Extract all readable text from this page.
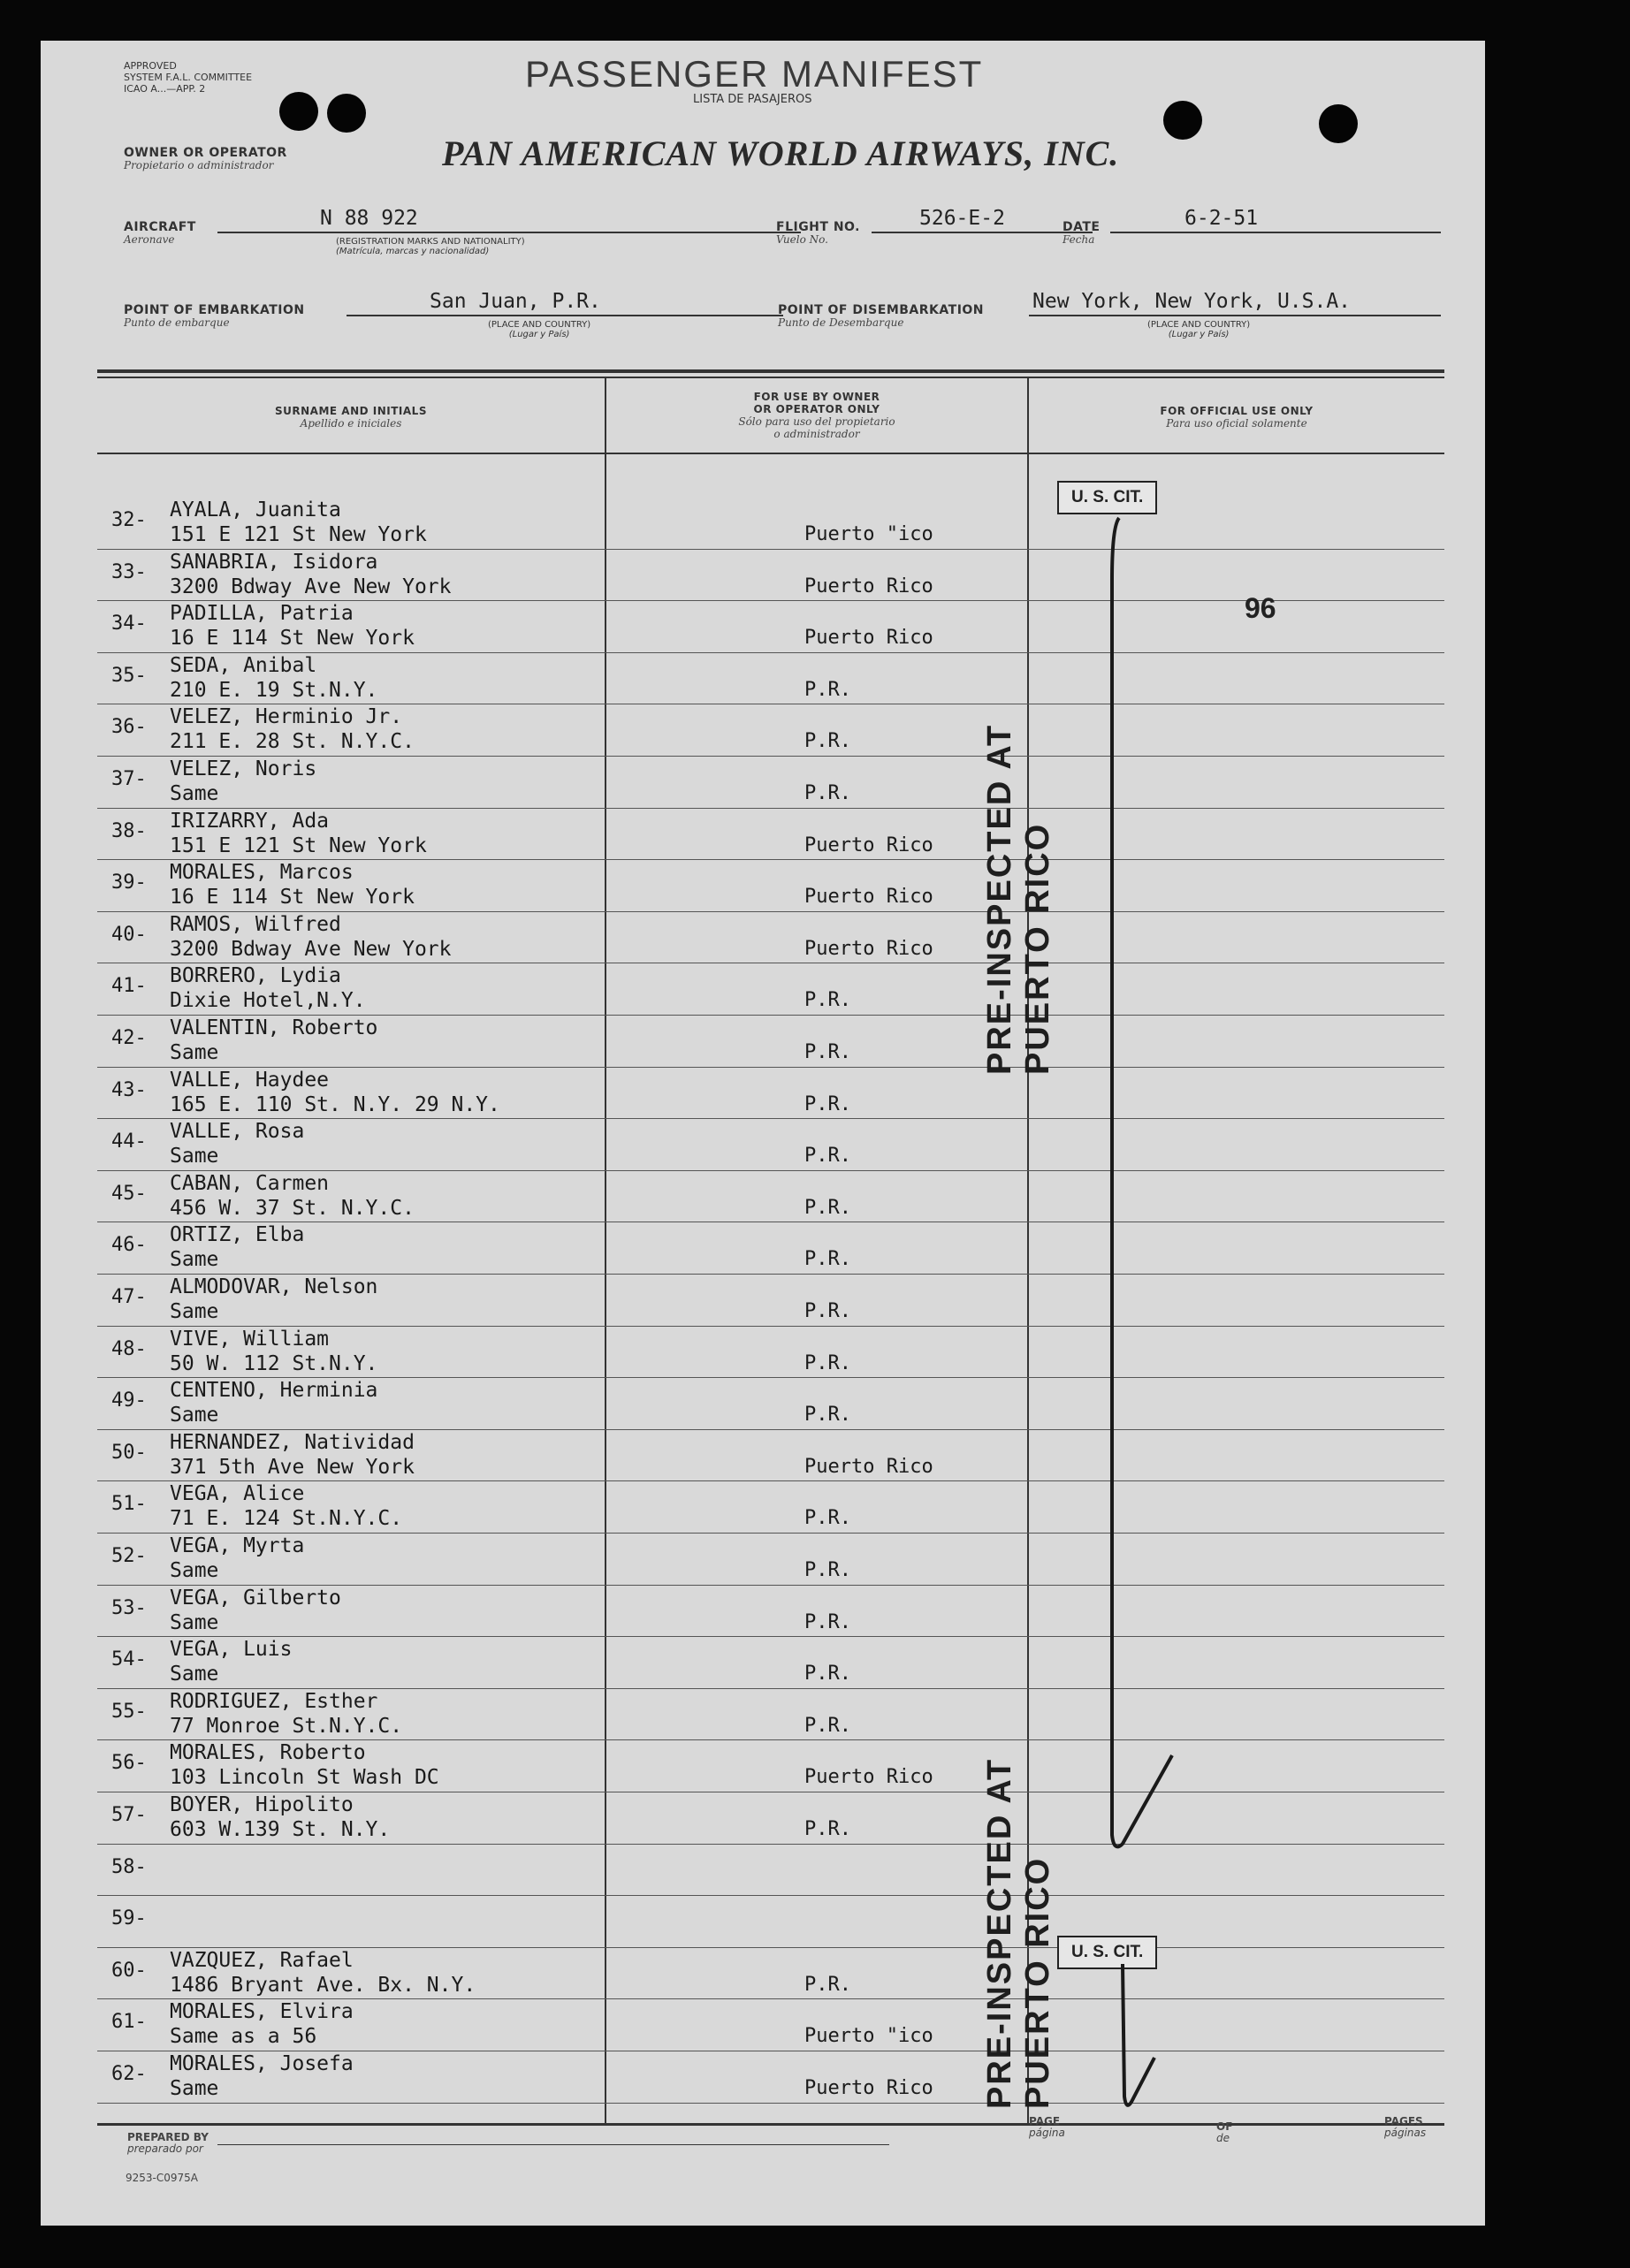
APPROVED
SYSTEM F.A.L. COMMITTEE
ICAO A...—APP. 2	PASSENGER MANIFEST
LISTA DE PASAJEROS
OWNER OR OPERATOR
Propietario o administrador	PAN AMERICAN WORLD AIRWAYS, INC.
AIRCRAFT
Aeronave
N 88 922
(REGISTRATION MARKS AND NATIONALITY)
(Matrícula, marcas y nacionalidad)
FLIGHT NO.
Vuelo No.
526-E-2	DATE
Fecha
6-2-51
POINT OF EMBARKATION
Punto de embarque
San Juan, P.R.
(PLACE AND COUNTRY)
(Lugar y País)
POINT OF DISEMBARKATION
Punto de Desembarque
New York, New York, U.S.A.
(PLACE AND COUNTRY)
(Lugar y País)
SURNAME AND INITIALS
Apellido e iniciales
FOR USE BY OWNER
OR OPERATOR ONLY
Sólo para uso del propietario
o administrador
FOR OFFICIAL USE ONLY
Para uso oficial solamente
32-	AYALA, Juanita
151 E 121 St New York	Puerto "ico
33-	SANABRIA, Isidora
3200 Bdway Ave New York	Puerto Rico
34-	PADILLA, Patria
16 E 114 St New York	Puerto Rico
35-	SEDA, Anibal
210 E. 19 St.N.Y.	P.R.
36-	VELEZ, Herminio Jr.
211 E. 28 St. N.Y.C.	P.R.
37-	VELEZ, Noris
Same	P.R.
38-	IRIZARRY, Ada
151 E 121 St New York	Puerto Rico
39-	MORALES, Marcos
16 E 114 St New York	Puerto Rico
40-	RAMOS, Wilfred
3200 Bdway Ave New York	Puerto Rico
41-	BORRERO, Lydia
Dixie Hotel,N.Y.	P.R.
42-	VALENTIN, Roberto
Same	P.R.
43-	VALLE, Haydee
165 E. 110 St. N.Y. 29 N.Y.	P.R.
44-	VALLE, Rosa
Same	P.R.
45-	CABAN, Carmen
456 W. 37 St. N.Y.C.	P.R.
46-	ORTIZ, Elba
Same	P.R.
47-	ALMODOVAR, Nelson
Same	P.R.
48-	VIVE, William
50 W. 112 St.N.Y.	P.R.
49-	CENTENO, Herminia
Same	P.R.
50-	HERNANDEZ, Natividad
371 5th Ave New York	Puerto Rico
51-	VEGA, Alice
71 E. 124 St.N.Y.C.	P.R.
52-	VEGA, Myrta
Same	P.R.
53-	VEGA, Gilberto
Same	P.R.
54-	VEGA, Luis
Same	P.R.
55-	RODRIGUEZ, Esther
77 Monroe St.N.Y.C.	P.R.
56-	MORALES, Roberto
103 Lincoln St Wash DC	Puerto Rico
57-	BOYER, Hipolito
603 W.139 St. N.Y.	P.R.
58-
59-
60-	VAZQUEZ, Rafael
1486 Bryant Ave. Bx. N.Y.	P.R.
61-	MORALES, Elvira
Same as a 56	Puerto "ico
62-	MORALES, Josefa
Same	Puerto Rico
96
U. S. CIT.
U. S. CIT.
PRE-INSPECTED AT PUERTO RICO
PRE-INSPECTED AT PUERTO RICO
PREPARED BY
preparado por
PAGE
página	OF
de
PAGES
páginas
9253-C0975A
